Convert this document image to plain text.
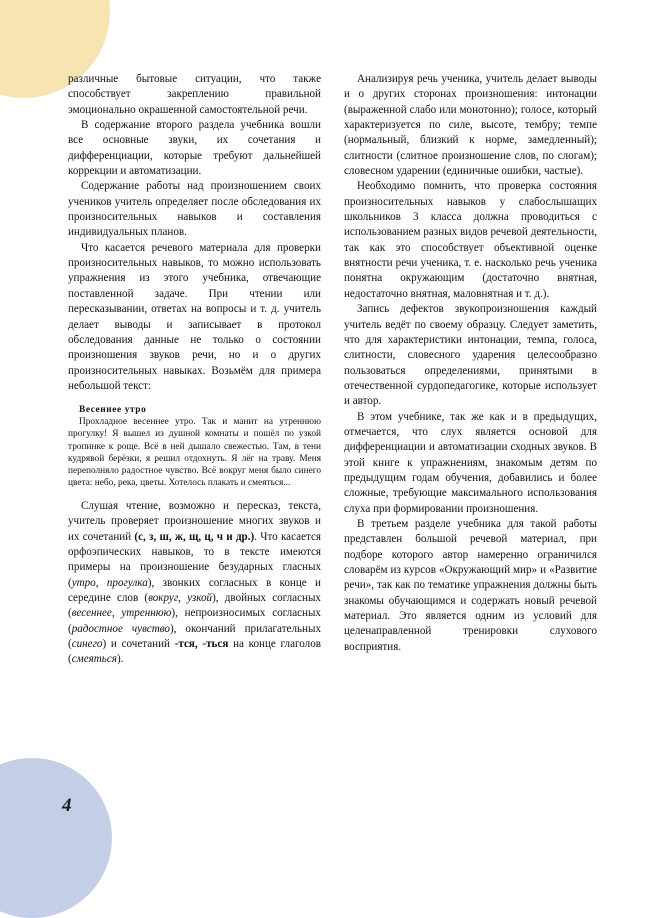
различные бытовые ситуации, что также способствует закреплению правильной эмоционально окрашенной самостоятельной речи.

В содержание второго раздела учебника вошли все основные звуки, их сочетания и дифференциации, которые требуют дальнейшей коррекции и автоматизации.

Содержание работы над произношением своих учеников учитель определяет после обследования их произносительных навыков и составления индивидуальных планов.

Что касается речевого материала для проверки произносительных навыков, то можно использовать упражнения из этого учебника, отвечающие поставленной задаче. При чтении или пересказывании, ответах на вопросы и т. д. учитель делает выводы и записывает в протокол обследования данные не только о состоянии произношения звуков речи, но и о других произносительных навыках. Возьмём для примера небольшой текст:

Весеннее утро

Прохладное весеннее утро. Так и манит на утреннюю прогулку! Я вышел из душной комнаты и пошёл по узкой тропинке к роще. Всё в ней дышало свежестью. Там, в тени кудрявой берёзки, я решил отдохнуть. Я лёг на траву. Меня переполняло радостное чувство. Всё вокруг меня было синего цвета: небо, река, цветы. Хотелось плакать и смеяться...

Слушая чтение, возможно и пересказ, текста, учитель проверяет произношение многих звуков и их сочетаний (с, з, ш, ж, щ, ц, ч и др.). Что касается орфоэпических навыков, то в тексте имеются примеры на произношение безударных гласных (утро, прогулка), звонких согласных в конце и середине слов (вокруг, узкой), двойных согласных (весеннее, утреннюю), непроизносимых согласных (радостное чувство), окончаний прилагательных (синего) и сочетаний -тся, -ться на конце глаголов (смеяться).

Анализируя речь ученика, учитель делает выводы и о других сторонах произношения: интонации (выраженной слабо или монотонно); голосе, который характеризуется по силе, высоте, тембру; темпе (нормальный, близкий к норме, замедленный); слитности (слитное произношение слов, по слогам); словесном ударении (единичные ошибки, частые).

Необходимо помнить, что проверка состояния произносительных навыков у слабослышащих школьников 3 класса должна проводиться с использованием разных видов речевой деятельности, так как это способствует объективной оценке внятности речи ученика, т. е. насколько речь ученика понятна окружающим (достаточно внятная, недостаточно внятная, маловнятная и т. д.).

Запись дефектов звукопроизношения каждый учитель ведёт по своему образцу. Следует заметить, что для характеристики интонации, темпа, голоса, слитности, словесного ударения целесообразно пользоваться определениями, принятыми в отечественной сурдопедагогике, которые использует и автор.

В этом учебнике, так же как и в предыдущих, отмечается, что слух является основой для дифференциации и автоматизации сходных звуков. В этой книге к упражнениям, знакомым детям по предыдущим годам обучения, добавились и более сложные, требующие максимального использования слуха при формировании произношения.

В третьем разделе учебника для такой работы представлен большой речевой материал, при подборе которого автор намеренно ограничился словарём из курсов «Окружающий мир» и «Развитие речи», так как по тематике упражнения должны быть знакомы обучающимся и содержать новый речевой материал. Это является одним из условий для целенаправленной тренировки слухового восприятия.

4
